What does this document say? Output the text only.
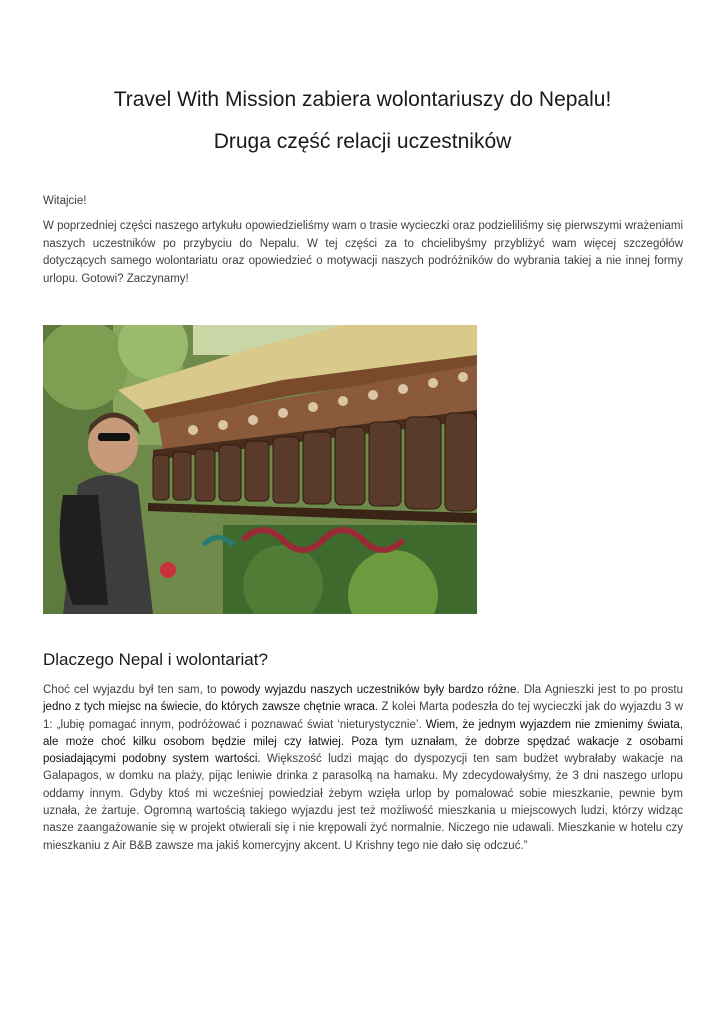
Travel With Mission zabiera wolontariuszy do Nepalu!
Druga część relacji uczestników

Witajcie!

W poprzedniej części naszego artykułu opowiedzieliśmy wam o trasie wycieczki oraz podzieliliśmy się pierwszymi wrażeniami naszych uczestników po przybyciu do Nepalu. W tej części za to chcielibyśmy przybliżyć wam więcej szczegółów dotyczących samego wolontariatu oraz opowiedzieć o motywacji naszych podróżników do wybrania takiej a nie innej formy urlopu. Gotowi? Zaczynamy!

Dlaczego Nepal i wolontariat?

Choć cel wyjazdu był ten sam, to powody wyjazdu naszych uczestników były bardzo różne. Dla Agnieszki jest to po prostu jedno z tych miejsc na świecie, do których zawsze chętnie wraca. Z kolei Marta podeszła do tej wycieczki jak do wyjazdu 3 w 1: „lubię pomagać innym, podróżować i poznawać świat ‘nieturystycznie’. Wiem, że jednym wyjazdem nie zmienimy świata, ale może choć kilku osobom będzie milej czy łatwiej. Poza tym uznałam, że dobrze spędzać wakacje z osobami posiadającymi podobny system wartości. Większość ludzi mając do dyspozycji ten sam budżet wybrałaby wakacje na Galapagos, w domku na plaży, pijąc leniwie drinka z parasolką na hamaku. My zdecydowałyśmy, że 3 dni naszego urlopu oddamy innym. Gdyby ktoś mi wcześniej powiedział żebym wzięła urlop by pomalować sobie mieszkanie, pewnie bym uznała, że żartuje. Ogromną wartością takiego wyjazdu jest też możliwość mieszkania u miejscowych ludzi, którzy widząc nasze zaangażowanie się w projekt otwierali się i nie krępowali żyć normalnie. Niczego nie udawali. Mieszkanie w hotelu czy mieszkaniu z Air B&B zawsze ma jakiś komercyjny akcent. U Krishny tego nie dało się odczuć.”
